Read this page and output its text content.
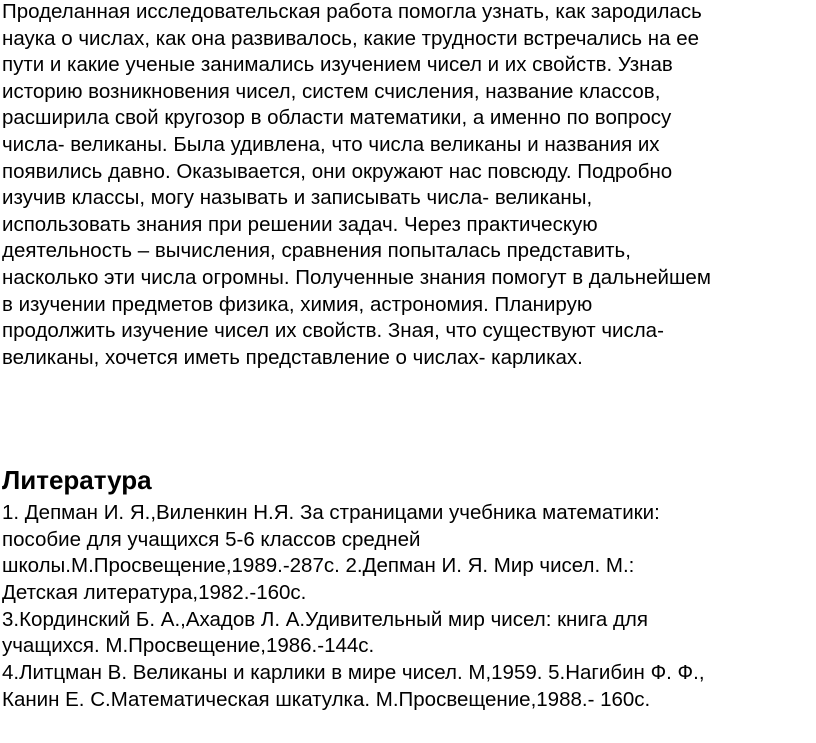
Проделанная исследовательская работа помогла узнать, как зародилась
наука о числах, как она развивалось, какие трудности встречались на ее
пути и какие ученые занимались изучением чисел и их свойств. Узнав
историю возникновения чисел, систем счисления, название классов,
расширила свой кругозор в области математики, а именно по вопросу
числа- великаны. Была удивлена, что числа великаны и названия их
появились давно. Оказывается, они окружают нас повсюду. Подробно
изучив классы, могу называть и записывать числа- великаны,
использовать знания при решении задач. Через практическую
деятельность – вычисления, сравнения попыталась представить,
насколько эти числа огромны. Полученные знания помогут в дальнейшем
в изучении предметов физика, химия, астрономия. Планирую
продолжить изучение чисел их свойств. Зная, что существуют числа-
великаны, хочется иметь представление о числах- карликах.
Литература
1. Депман И. Я.,Виленкин Н.Я. За страницами учебника математики:
пособие для учащихся 5-6 классов средней
школы.М.Просвещение,1989.-287с. 2.Депман И. Я. Мир чисел. М.:
Детская литература,1982.-160с.
3.Кординский Б. А.,Ахадов Л. А.Удивительный мир чисел: книга для
учащихся. М.Просвещение,1986.-144с.
4.Литцман В. Великаны и карлики в мире чисел. М,1959. 5.Нагибин Ф. Ф.,
Канин Е. С.Математическая шкатулка. М.Просвещение,1988.- 160с.
